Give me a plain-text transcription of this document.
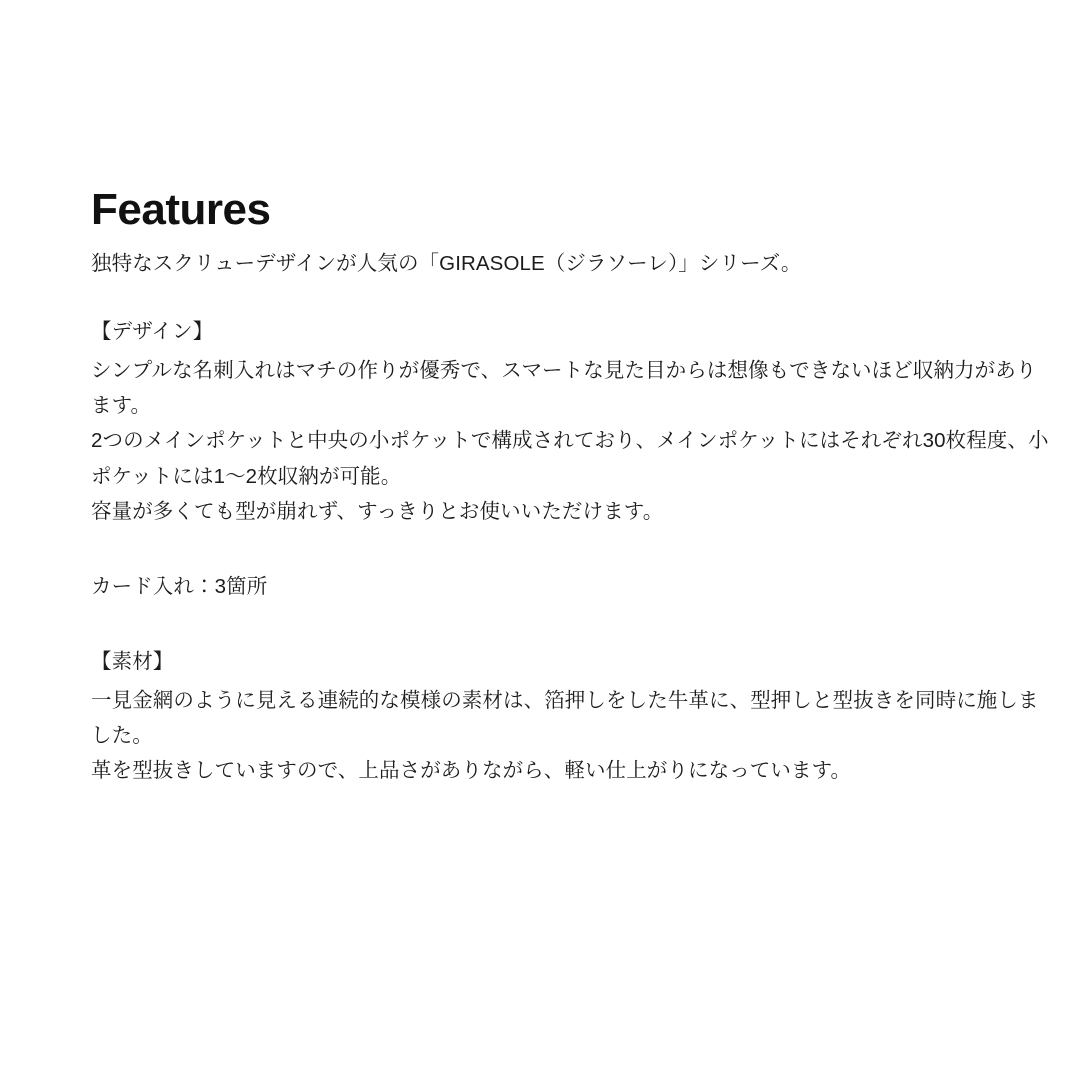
Features

独特なスクリューデザインが人気の「GIRASOLE（ジラソーレ）」シリーズ。

【デザイン】

シンプルな名刺入れはマチの作りが優秀で、スマートな見た目からは想像もできないほど収納力があります。

2つのメインポケットと中央の小ポケットで構成されており、メインポケットにはそれぞれ30枚程度、小ポケットには1〜2枚収納が可能。

容量が多くても型が崩れず、すっきりとお使いいただけます。

カード入れ：3箇所

【素材】

一見金網のように見える連続的な模様の素材は、箔押しをした牛革に、型押しと型抜きを同時に施しました。

革を型抜きしていますので、上品さがありながら、軽い仕上がりになっています。
